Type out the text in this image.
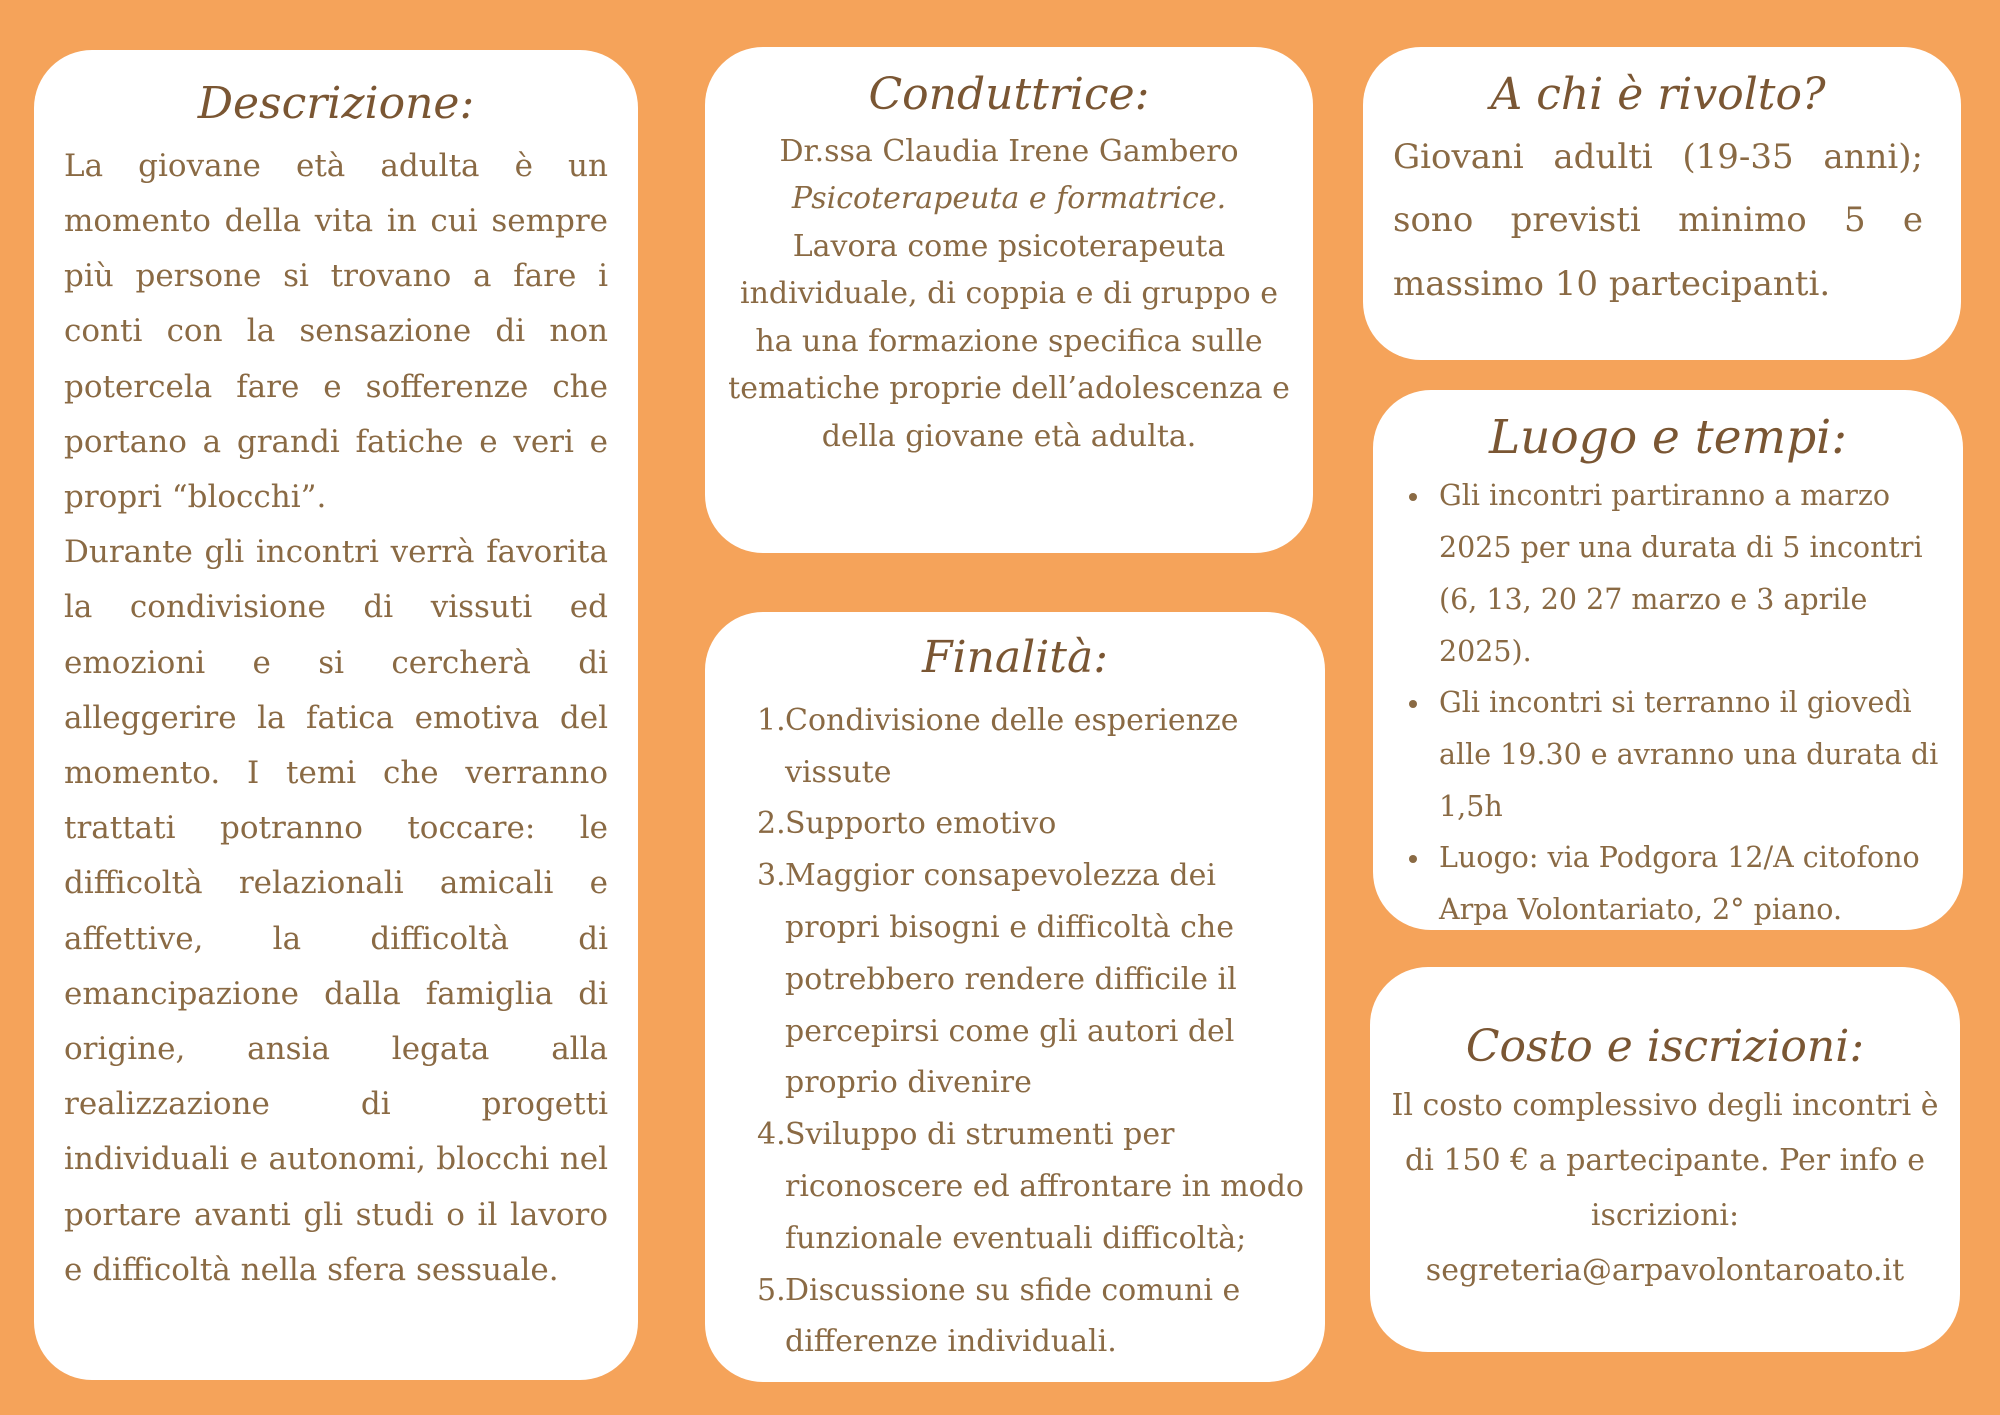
Descrizione:

La giovane età adulta è un momento della vita in cui sempre più persone si trovano a fare i conti con la sensazione di non potercela fare e sofferenze che portano a grandi fatiche e veri e propri “blocchi”.

Durante gli incontri verrà favorita la condivisione di vissuti ed emozioni e si cercherà di alleggerire la fatica emotiva del momento. I temi che verranno trattati potranno toccare: le difficoltà relazionali amicali e affettive, la difficoltà di emancipazione dalla famiglia di origine, ansia legata alla realizzazione di progetti individuali e autonomi, blocchi nel portare avanti gli studi o il lavoro e difficoltà nella sfera sessuale.

Conduttrice:

Dr.ssa Claudia Irene Gambero

Psicoterapeuta e formatrice.

Lavora come psicoterapeuta individuale, di coppia e di gruppo e ha una formazione specifica sulle tematiche proprie dell’adolescenza e della giovane età adulta.

Finalità:
1. Condivisione delle esperienze vissute
2. Supporto emotivo
3. Maggior consapevolezza dei propri bisogni e difficoltà che potrebbero rendere difficile il percepirsi come gli autori del proprio divenire
4. Sviluppo di strumenti per riconoscere ed affrontare in modo funzionale eventuali difficoltà;
5. Discussione su sfide comuni e differenze individuali.
A chi è rivolto?

Giovani adulti (19-35 anni); sono previsti minimo 5 e massimo 10 partecipanti.

Luogo e tempi:
Gli incontri partiranno a marzo 2025 per una durata di 5 incontri (6, 13, 20 27 marzo e 3 aprile 2025).
Gli incontri si terranno il giovedì alle 19.30 e avranno una durata di 1,5h
Luogo: via Podgora 12/A citofono Arpa Volontariato, 2° piano.
Costo e iscrizioni:

Il costo complessivo degli incontri è di 150 € a partecipante. Per info e iscrizioni:

segreteria@arpavolontaroato.it
